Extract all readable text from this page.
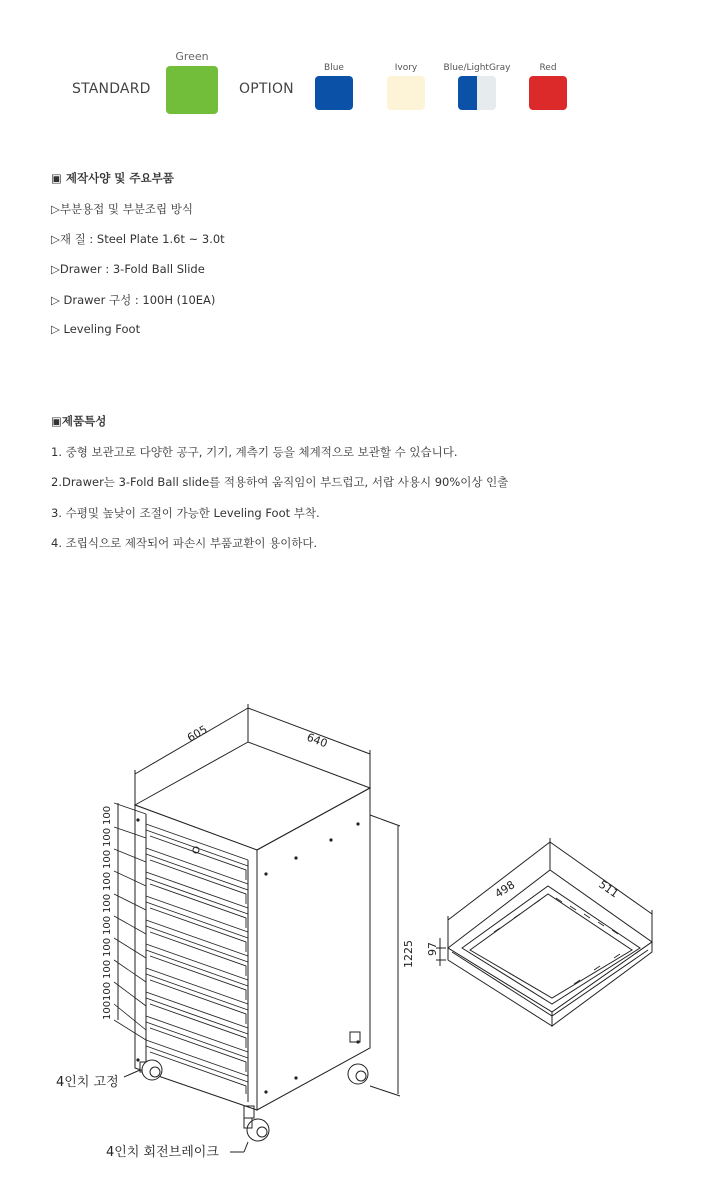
STANDARD
Green
OPTION
Blue	Ivory	Blue/LightGray	Red
▣ 제작사양 및 주요부품
▷부분용접 및 부분조립 방식
▷재 질 : Steel Plate 1.6t ~ 3.0t
▷Drawer : 3-Fold Ball Slide
▷ Drawer 구성 : 100H (10EA)
▷ Leveling Foot
▣제품특성
1. 중형 보관고로 다양한 공구, 기기, 계측기 등을 체계적으로 보관할 수 있습니다.
2.Drawer는 3-Fold Ball slide를 적용하여 움직임이 부드럽고, 서랍 사용시 90%이상 인출
3. 수평및 높낮이 조절이 가능한 Leveling Foot 부착.
4. 조립식으로 제작되어 파손시 부품교환이 용이하다.
605	640
1225
100
100
100
100
100
100
100
100
100
100
4인치 고정
4인치 회전브레이크
498	511
97
